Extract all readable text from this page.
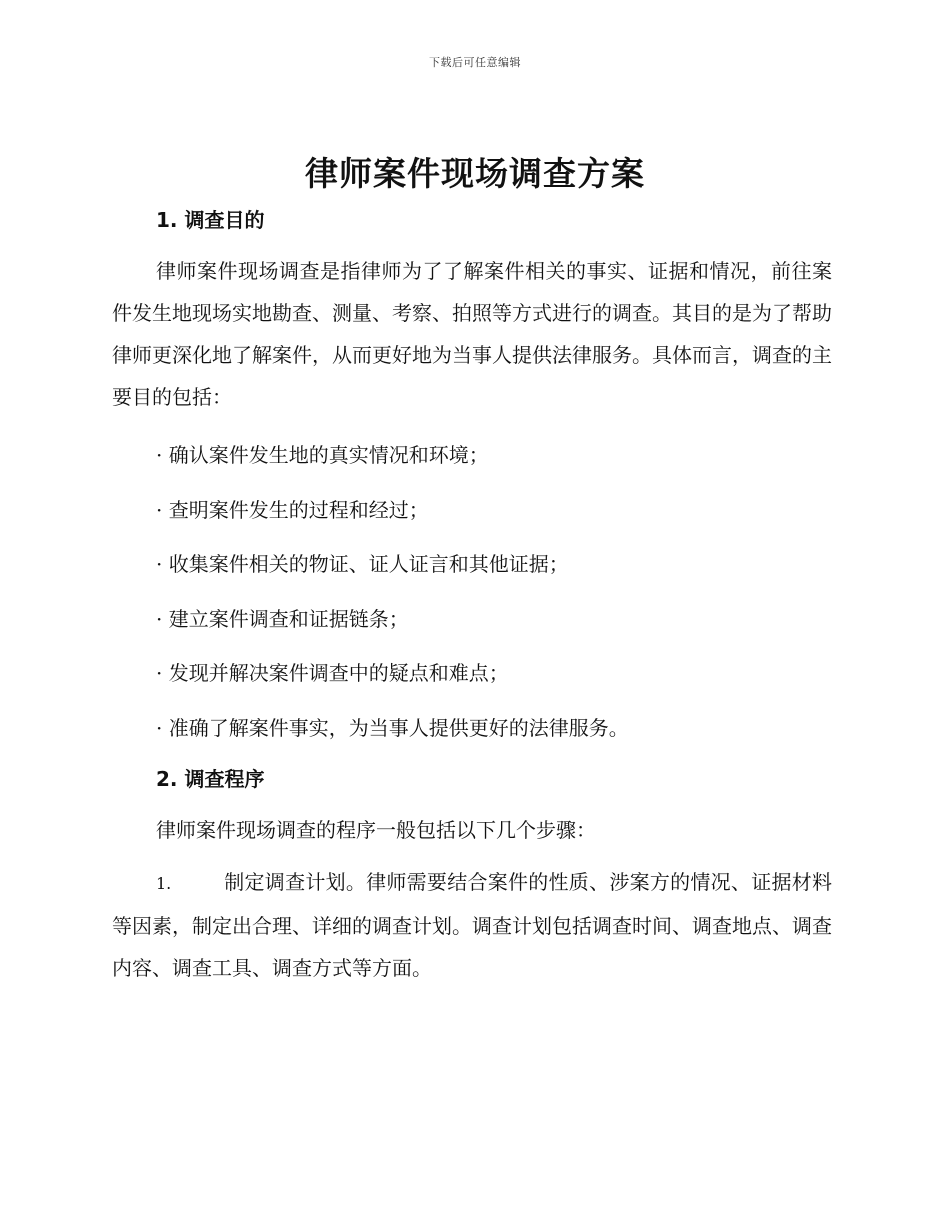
下载后可任意编辑
律师案件现场调查方案
1. 调查目的

律师案件现场调查是指律师为了了解案件相关的事实、证据和情况，前往案件发生地现场实地勘查、测量、考察、拍照等方式进行的调查。其目的是为了帮助律师更深化地了解案件，从而更好地为当事人提供法律服务。具体而言，调查的主要目的包括：

· 确认案件发生地的真实情况和环境；
· 查明案件发生的过程和经过；
· 收集案件相关的物证、证人证言和其他证据；
· 建立案件调查和证据链条；
· 发现并解决案件调查中的疑点和难点；
· 准确了解案件事实，为当事人提供更好的法律服务。
2. 调查程序

律师案件现场调查的程序一般包括以下几个步骤：

1.	制定调查计划。律师需要结合案件的性质、涉案方的情况、证据材料等因素，制定出合理、详细的调查计划。调查计划包括调查时间、调查地点、调查内容、调查工具、调查方式等方面。
